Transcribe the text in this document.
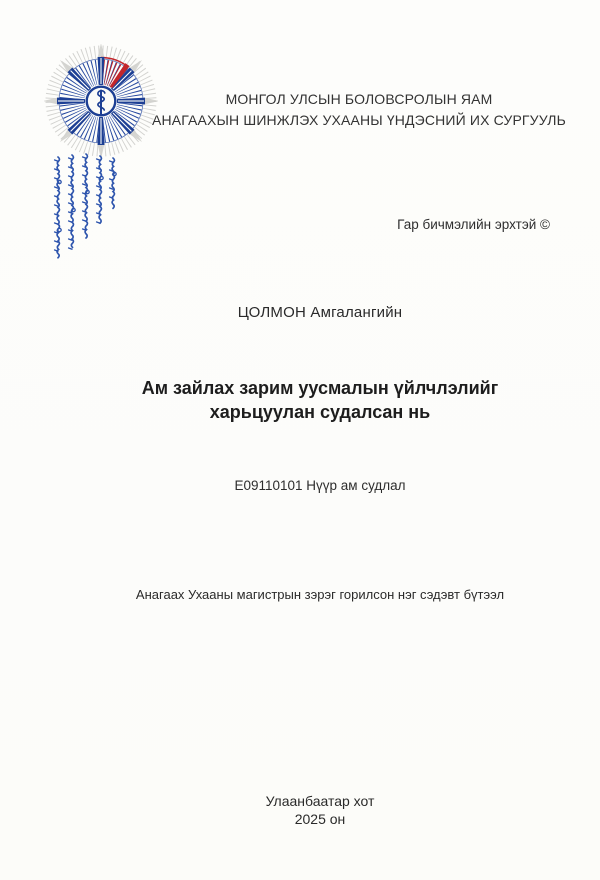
МОНГОЛ УЛСЫН БОЛОВСРОЛЫН ЯАМ
АНАГААХЫН ШИНЖЛЭХ УХААНЫ ҮНДЭСНИЙ ИХ СУРГУУЛЬ
Гар бичмэлийн эрхтэй ©
ЦОЛМОН Амгалангийн
Ам зайлах зарим уусмалын үйлчлэлийг
харьцуулан судалсан нь
Е09110101 Нүүр ам судлал
Анагаах Ухааны магистрын зэрэг горилсон нэг сэдэвт бүтээл
Улаанбаатар хот
2025 он
